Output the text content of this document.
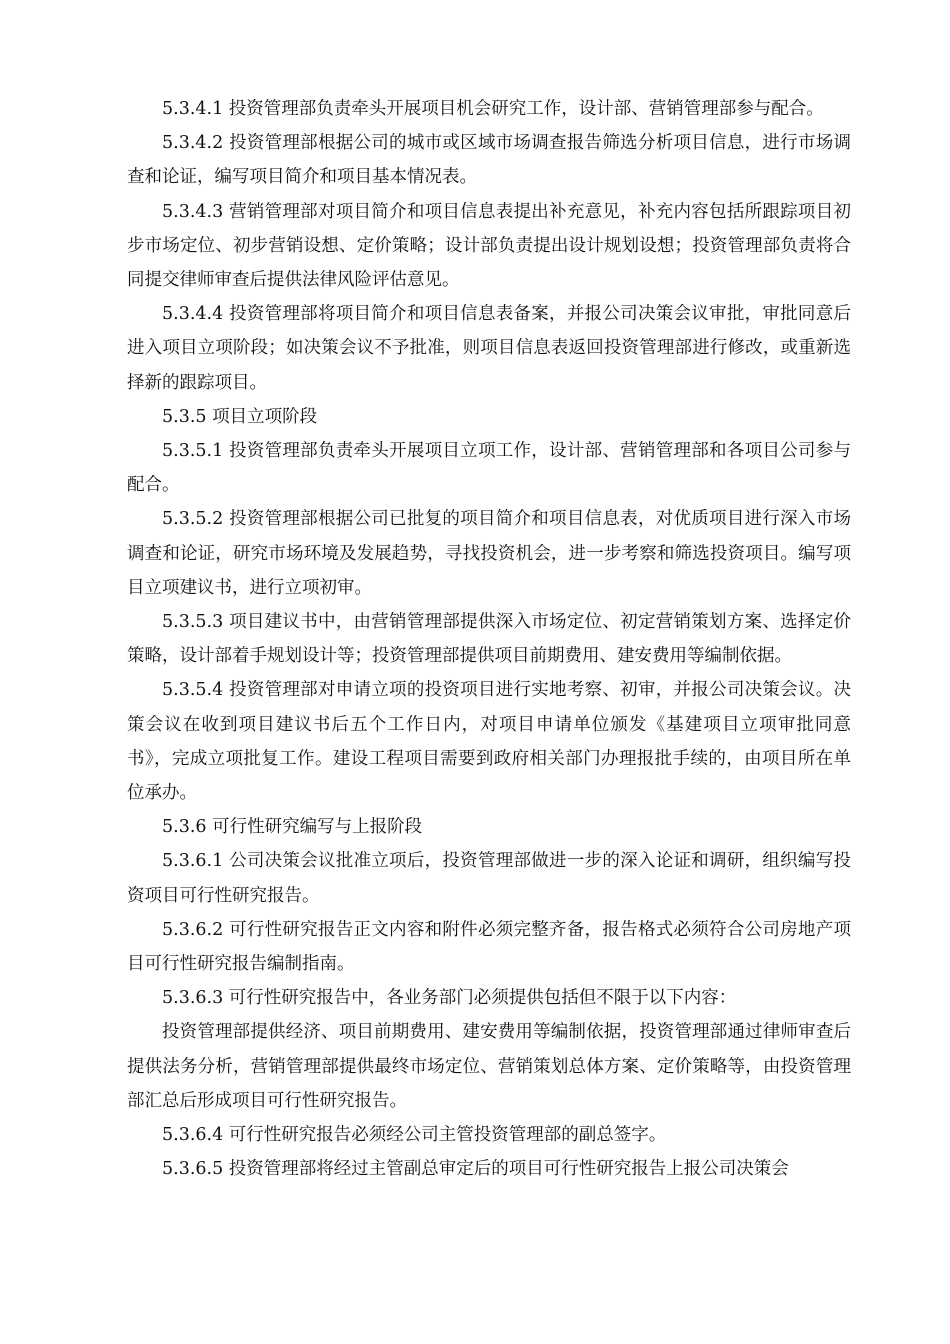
5.3.4.1 投资管理部负责牵头开展项目机会研究工作，设计部、营销管理部参与配合。

5.3.4.2 投资管理部根据公司的城市或区域市场调查报告筛选分析项目信息，进行市场调查和论证，编写项目简介和项目基本情况表。

5.3.4.3 营销管理部对项目简介和项目信息表提出补充意见，补充内容包括所跟踪项目初步市场定位、初步营销设想、定价策略；设计部负责提出设计规划设想；投资管理部负责将合同提交律师审查后提供法律风险评估意见。

5.3.4.4 投资管理部将项目简介和项目信息表备案，并报公司决策会议审批，审批同意后进入项目立项阶段；如决策会议不予批准，则项目信息表返回投资管理部进行修改，或重新选择新的跟踪项目。

5.3.5 项目立项阶段

5.3.5.1 投资管理部负责牵头开展项目立项工作，设计部、营销管理部和各项目公司参与配合。

5.3.5.2 投资管理部根据公司已批复的项目简介和项目信息表，对优质项目进行深入市场调查和论证，研究市场环境及发展趋势，寻找投资机会，进一步考察和筛选投资项目。编写项目立项建议书，进行立项初审。

5.3.5.3 项目建议书中，由营销管理部提供深入市场定位、初定营销策划方案、选择定价策略，设计部着手规划设计等；投资管理部提供项目前期费用、建安费用等编制依据。

5.3.5.4 投资管理部对申请立项的投资项目进行实地考察、初审，并报公司决策会议。决策会议在收到项目建议书后五个工作日内，对项目申请单位颁发《基建项目立项审批同意书》，完成立项批复工作。建设工程项目需要到政府相关部门办理报批手续的，由项目所在单位承办。

5.3.6 可行性研究编写与上报阶段

5.3.6.1 公司决策会议批准立项后，投资管理部做进一步的深入论证和调研，组织编写投资项目可行性研究报告。

5.3.6.2 可行性研究报告正文内容和附件必须完整齐备，报告格式必须符合公司房地产项目可行性研究报告编制指南。

5.3.6.3 可行性研究报告中，各业务部门必须提供包括但不限于以下内容：

投资管理部提供经济、项目前期费用、建安费用等编制依据，投资管理部通过律师审查后提供法务分析，营销管理部提供最终市场定位、营销策划总体方案、定价策略等，由投资管理部汇总后形成项目可行性研究报告。

5.3.6.4 可行性研究报告必须经公司主管投资管理部的副总签字。

5.3.6.5 投资管理部将经过主管副总审定后的项目可行性研究报告上报公司决策会
